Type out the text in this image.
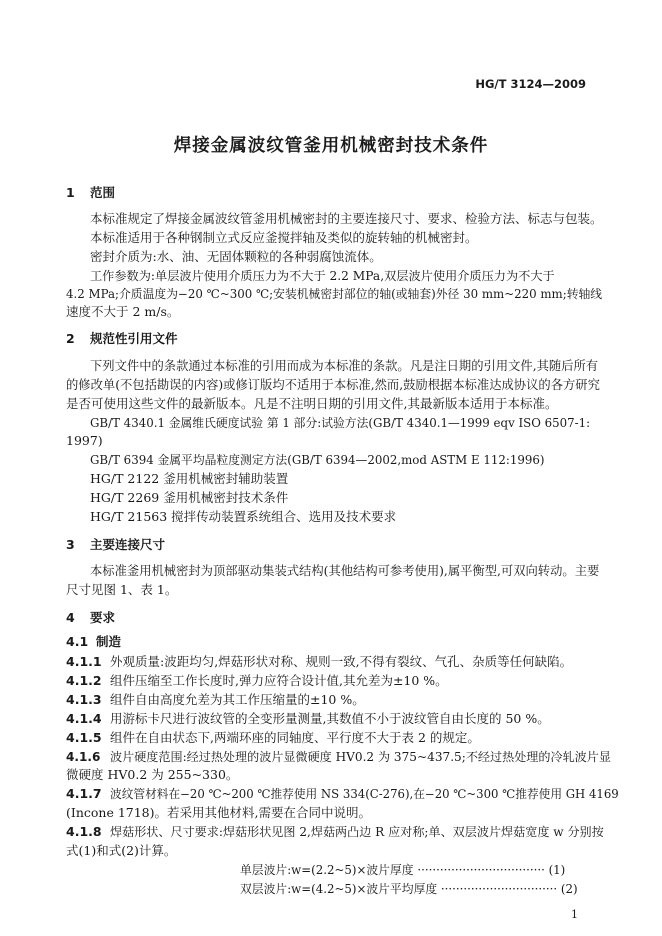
HG/T 3124—2009
焊接金属波纹管釜用机械密封技术条件
1 范围
本标准规定了焊接金属波纹管釜用机械密封的主要连接尺寸、要求、检验方法、标志与包装。
本标准适用于各种钢制立式反应釜搅拌轴及类似的旋转轴的机械密封。
密封介质为:水、油、无固体颗粒的各种弱腐蚀流体。
工作参数为:单层波片使用介质压力为不大于 2.2 MPa,双层波片使用介质压力为不大于
4.2 MPa;介质温度为−20 ℃~300 ℃;安装机械密封部位的轴(或轴套)外径 30 mm~220 mm;转轴线
速度不大于 2 m/s。
2 规范性引用文件
下列文件中的条款通过本标准的引用而成为本标准的条款。凡是注日期的引用文件,其随后所有
的修改单(不包括勘误的内容)或修订版均不适用于本标准,然而,鼓励根据本标准达成协议的各方研究
是否可使用这些文件的最新版本。凡是不注明日期的引用文件,其最新版本适用于本标准。
GB/T 4340.1 金属维氏硬度试验 第 1 部分:试验方法(GB/T 4340.1—1999 eqv ISO 6507-1:
1997)
GB/T 6394 金属平均晶粒度测定方法(GB/T 6394—2002,mod ASTM E 112:1996)
HG/T 2122 釜用机械密封辅助装置
HG/T 2269 釜用机械密封技术条件
HG/T 21563 搅拌传动装置系统组合、选用及技术要求
3 主要连接尺寸
本标准釜用机械密封为顶部驱动集装式结构(其他结构可参考使用),属平衡型,可双向转动。主要
尺寸见图 1、表 1。
4 要求
4.1 制造
4.1.1 外观质量:波距均匀,焊菇形状对称、规则一致,不得有裂纹、气孔、杂质等任何缺陷。
4.1.2 组件压缩至工作长度时,弹力应符合设计值,其允差为±10 %。
4.1.3 组件自由高度允差为其工作压缩量的±10 %。
4.1.4 用游标卡尺进行波纹管的全变形量测量,其数值不小于波纹管自由长度的 50 %。
4.1.5 组件在自由状态下,两端环座的同轴度、平行度不大于表 2 的规定。
4.1.6 波片硬度范围:经过热处理的波片显微硬度 HV0.2 为 375~437.5;不经过热处理的冷轧波片显
微硬度 HV0.2 为 255~330。
4.1.7 波纹管材料在−20 ℃~200 ℃推荐使用 NS 334(C-276),在−20 ℃~300 ℃推荐使用 GH 4169
(Incone 1718)。若采用其他材料,需要在合同中说明。
4.1.8 焊菇形状、尺寸要求:焊菇形状见图 2,焊菇两凸边 R 应对称;单、双层波片焊菇宽度 w 分别按
式(1)和式(2)计算。
单层波片:w=(2.2~5)×波片厚度 ·································· (1)
双层波片:w=(4.2~5)×波片平均厚度 ······························· (2)
1
